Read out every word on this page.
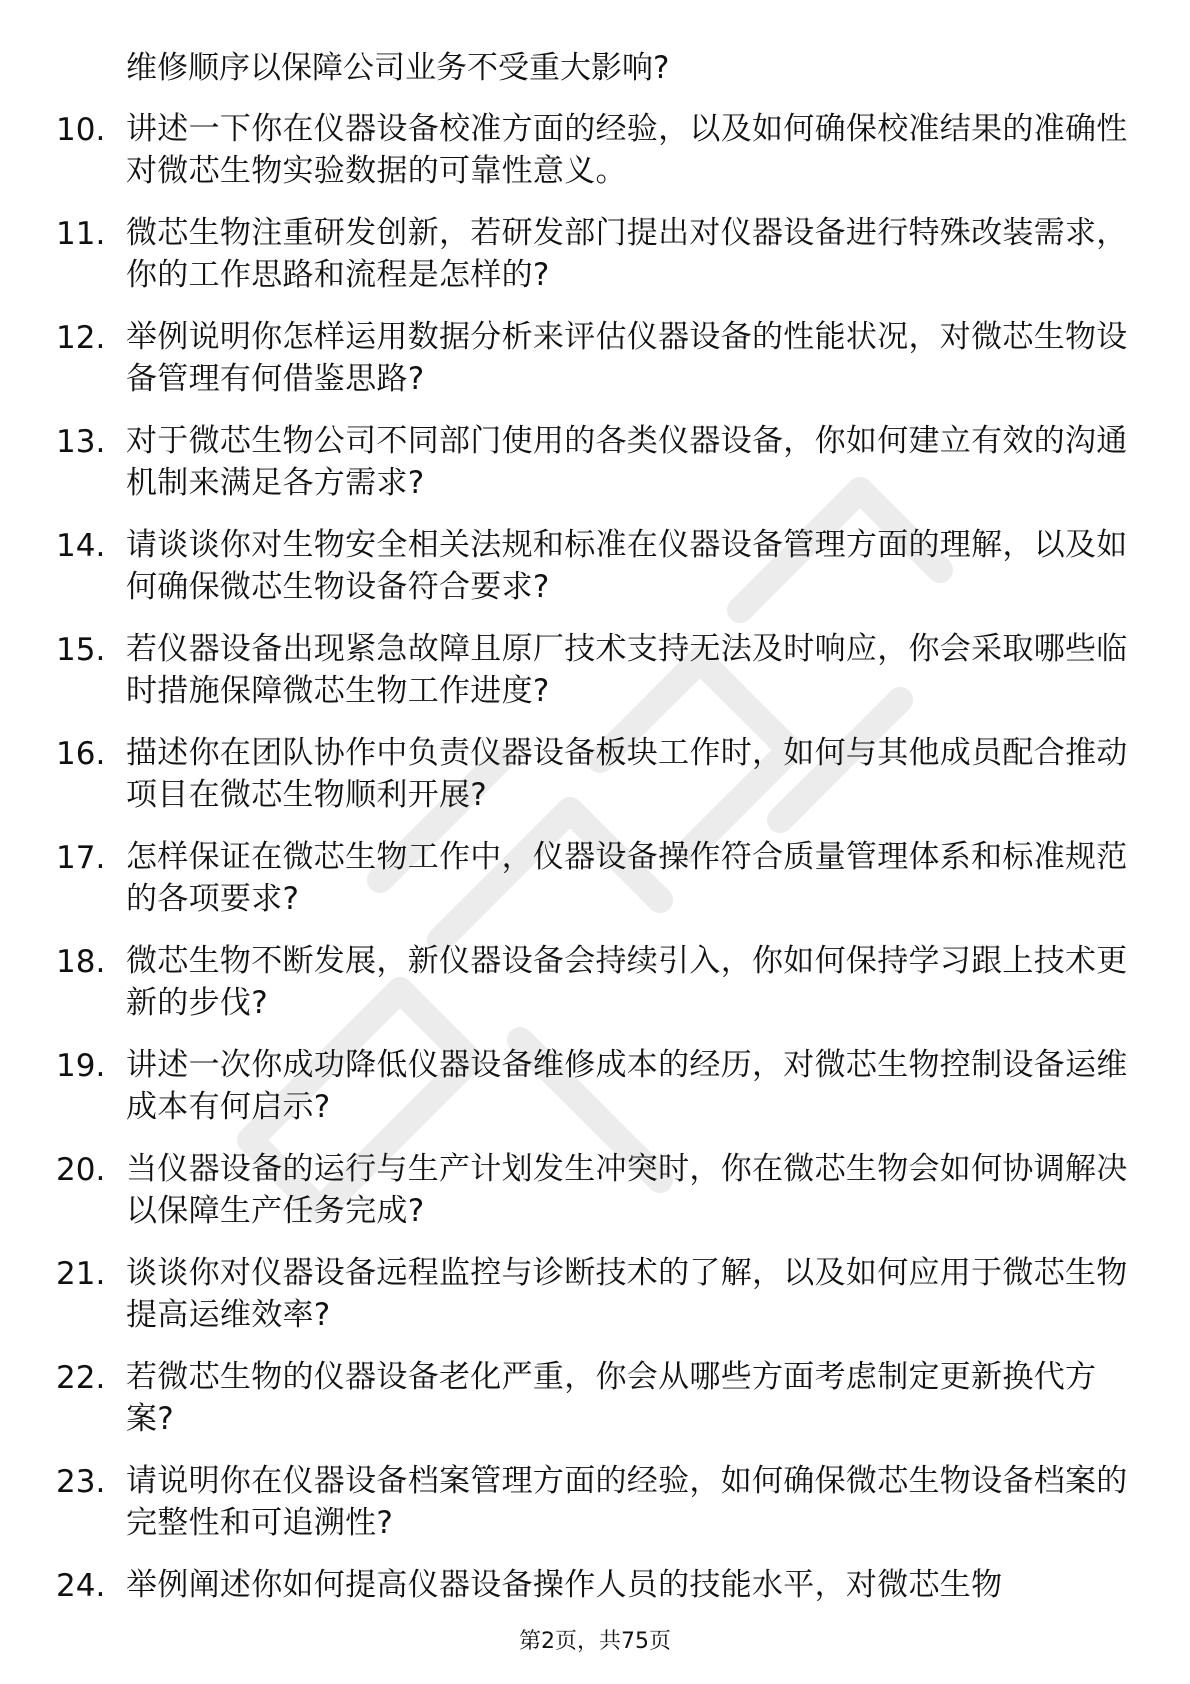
维修顺序以保障公司业务不受重大影响?
10. 讲述一下你在仪器设备校准方面的经验，以及如何确保校准结果的准确性对微芯生物实验数据的可靠性意义。
11. 微芯生物注重研发创新，若研发部门提出对仪器设备进行特殊改装需求，你的工作思路和流程是怎样的?
12. 举例说明你怎样运用数据分析来评估仪器设备的性能状况，对微芯生物设备管理有何借鉴思路?
13. 对于微芯生物公司不同部门使用的各类仪器设备，你如何建立有效的沟通机制来满足各方需求?
14. 请谈谈你对生物安全相关法规和标准在仪器设备管理方面的理解，以及如何确保微芯生物设备符合要求?
15. 若仪器设备出现紧急故障且原厂技术支持无法及时响应，你会采取哪些临时措施保障微芯生物工作进度?
16. 描述你在团队协作中负责仪器设备板块工作时，如何与其他成员配合推动项目在微芯生物顺利开展?
17. 怎样保证在微芯生物工作中，仪器设备操作符合质量管理体系和标准规范的各项要求?
18. 微芯生物不断发展，新仪器设备会持续引入，你如何保持学习跟上技术更新的步伐?
19. 讲述一次你成功降低仪器设备维修成本的经历，对微芯生物控制设备运维成本有何启示?
20. 当仪器设备的运行与生产计划发生冲突时，你在微芯生物会如何协调解决以保障生产任务完成?
21. 谈谈你对仪器设备远程监控与诊断技术的了解，以及如何应用于微芯生物提高运维效率?
22. 若微芯生物的仪器设备老化严重，你会从哪些方面考虑制定更新换代方案?
23. 请说明你在仪器设备档案管理方面的经验，如何确保微芯生物设备档案的完整性和可追溯性?
24. 举例阐述你如何提高仪器设备操作人员的技能水平，对微芯生物
第2页，共75页
